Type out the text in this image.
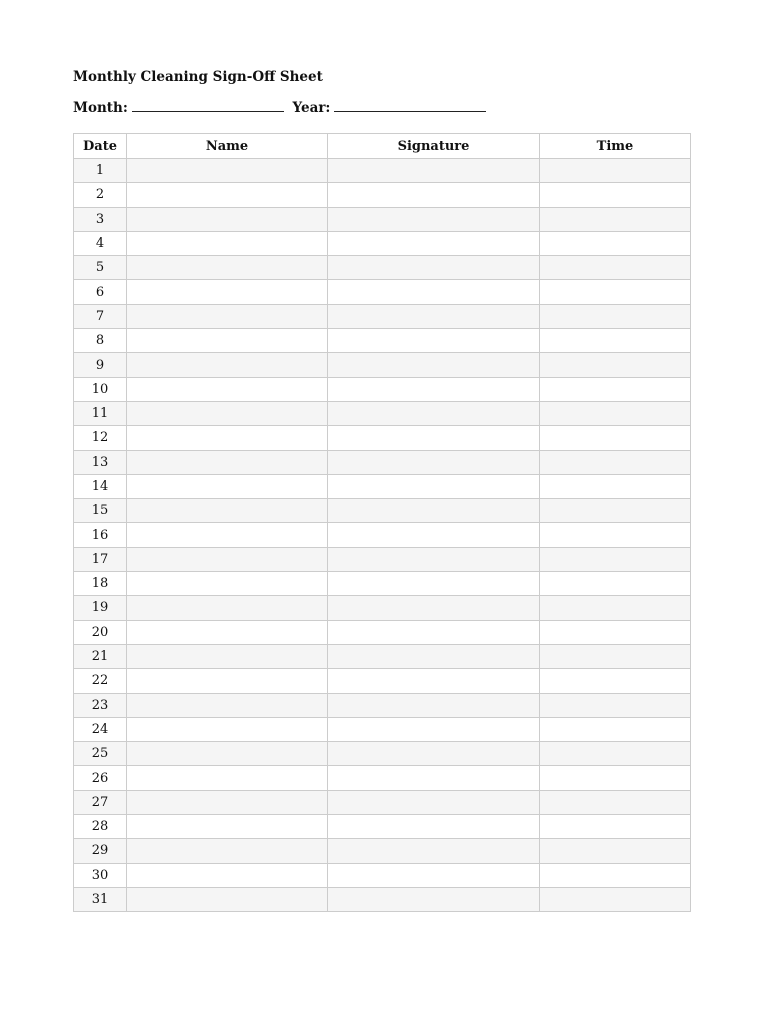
Monthly Cleaning Sign-Off Sheet
Month:	Year:
Date	Name	Signature	Time
1			
2			
3			
4			
5			
6			
7			
8			
9			
10			
11			
12			
13			
14			
15			
16			
17			
18			
19			
20			
21			
22			
23			
24			
25			
26			
27			
28			
29			
30			
31			
